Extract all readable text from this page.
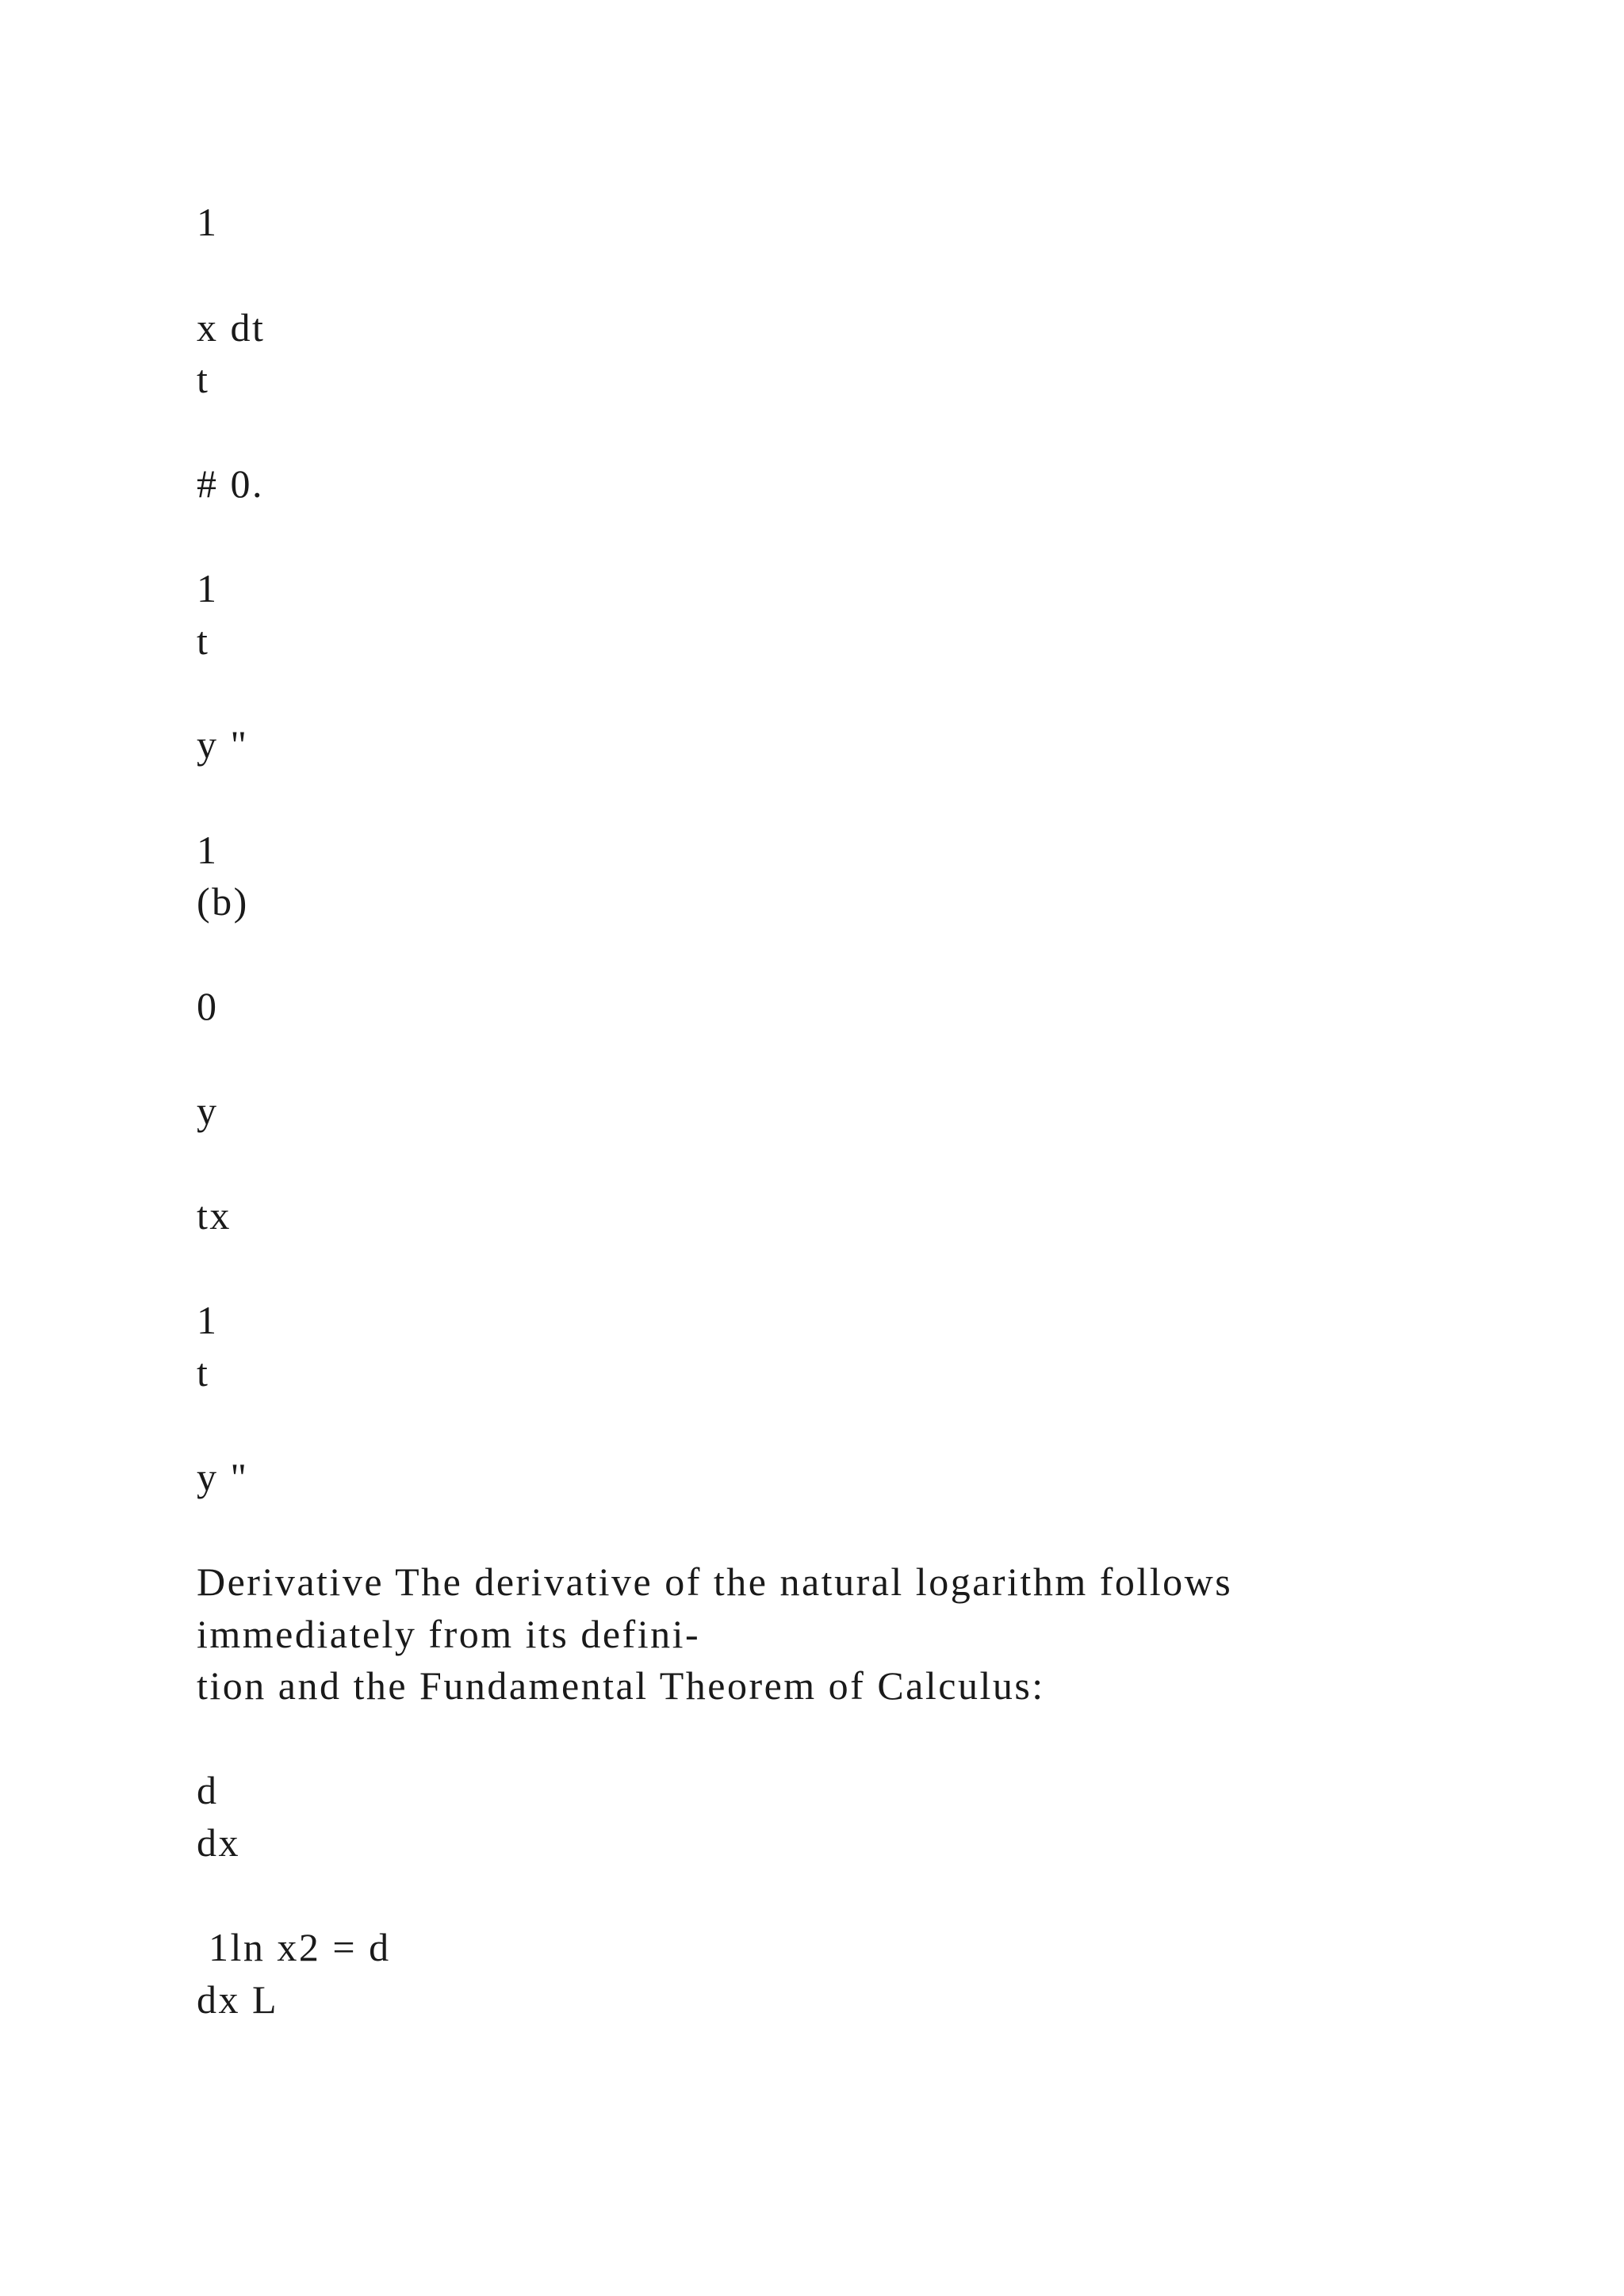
1
x dt
t
# 0.
1
t
y "
1
(b)
0
y
tx
1
t
y "
Derivative The derivative of the natural logarithm follows
immediately from its defini-
tion and the Fundamental Theorem of Calculus:
d
dx
1ln x2 = d
dx L
